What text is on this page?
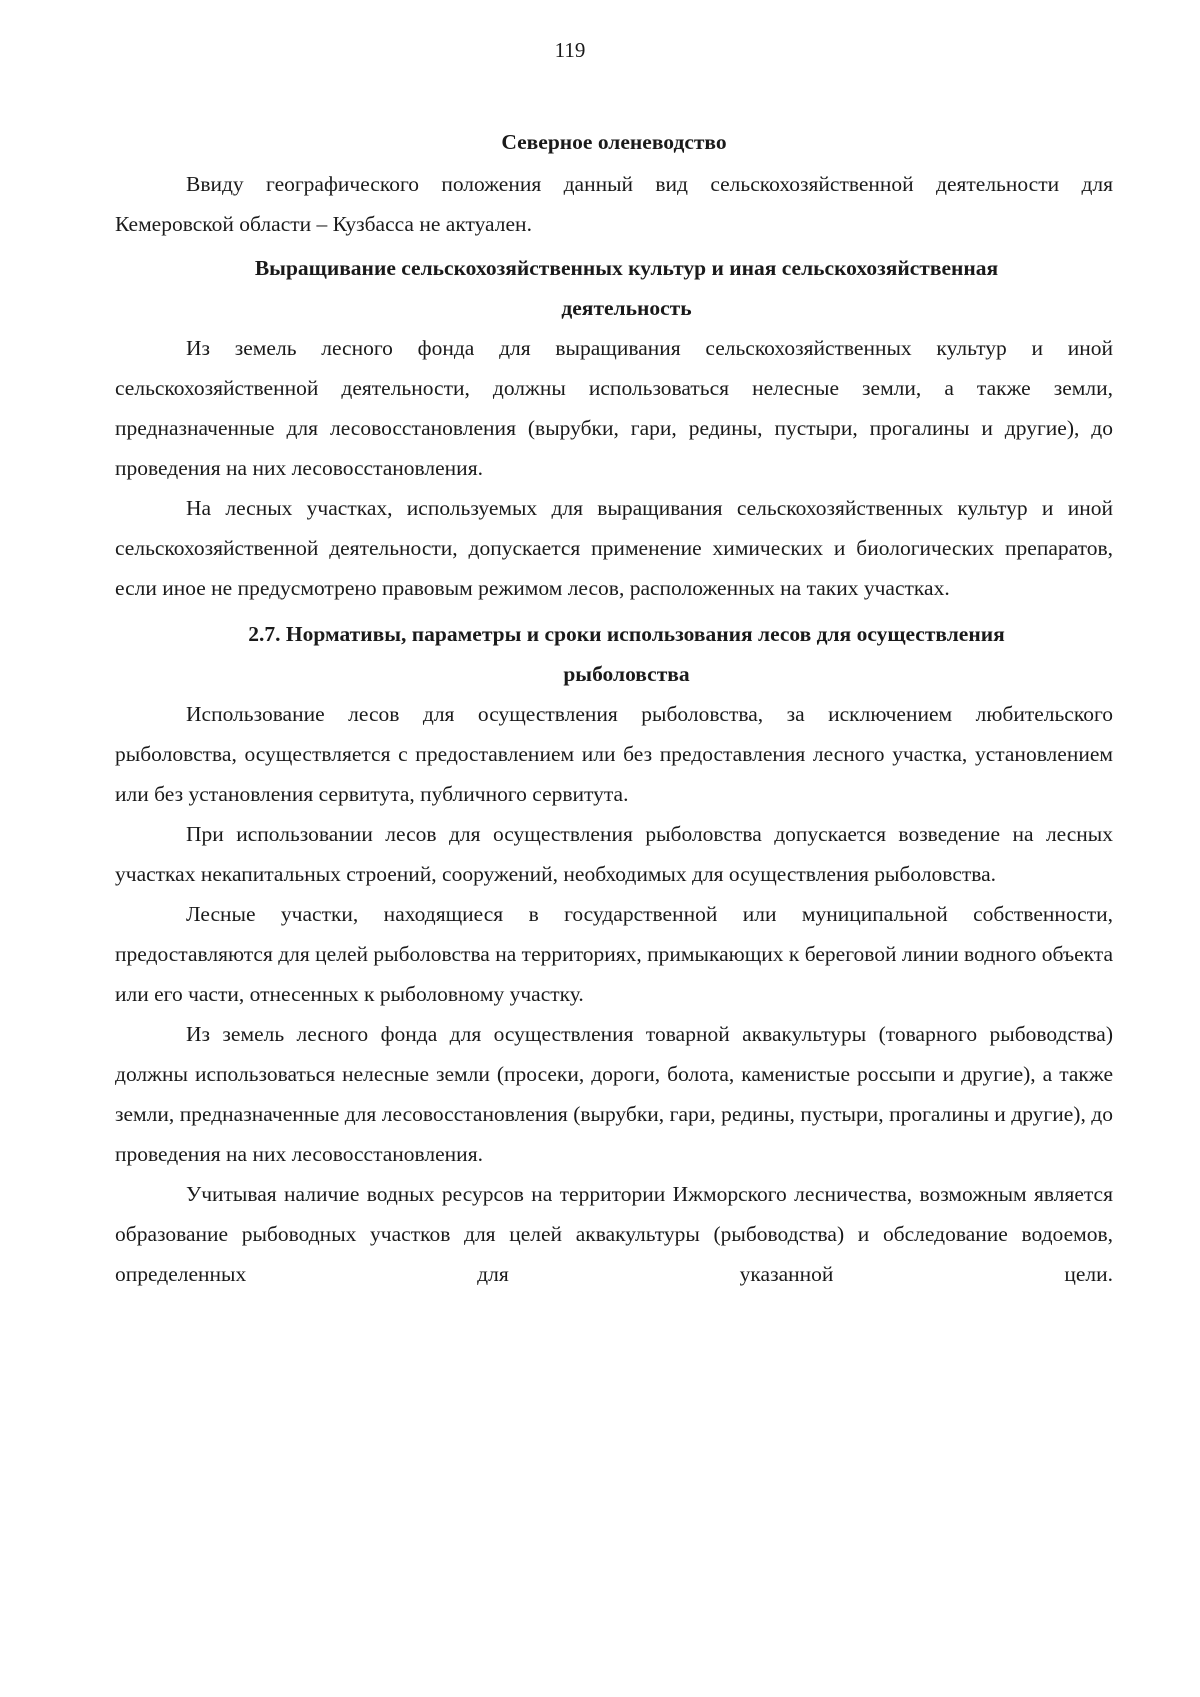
119

Северное оленеводство

Ввиду географического положения данный вид сельскохозяйственной деятельности для Кемеровской области – Кузбасса не актуален.

Выращивание сельскохозяйственных культур и иная сельскохозяйственная
деятельность

Из земель лесного фонда для выращивания сельскохозяйственных культур и иной сельскохозяйственной деятельности, должны использоваться нелесные земли, а также земли, предназначенные для лесовосстановления (вырубки, гари, редины, пустыри, прогалины и другие), до проведения на них лесовосстановления.

На лесных участках, используемых для выращивания сельскохозяйственных культур и иной сельскохозяйственной деятельности, допускается применение химических и биологических препаратов, если иное не предусмотрено правовым режимом лесов, расположенных на таких участках.

2.7. Нормативы, параметры и сроки использования лесов для осуществления
рыболовства

Использование лесов для осуществления рыболовства, за исключением любительского рыболовства, осуществляется с предоставлением или без предоставления лесного участка, установлением или без установления сервитута, публичного сервитута.

При использовании лесов для осуществления рыболовства допускается возведение на лесных участках некапитальных строений, сооружений, необходимых для осуществления рыболовства.

Лесные участки, находящиеся в государственной или муниципальной собственности, предоставляются для целей рыболовства на территориях, примыкающих к береговой линии водного объекта или его части, отнесенных к рыболовному участку.

Из земель лесного фонда для осуществления товарной аквакультуры (товарного рыбоводства) должны использоваться нелесные земли (просеки, дороги, болота, каменистые россыпи и другие), а также земли, предназначенные для лесовосстановления (вырубки, гари, редины, пустыри, прогалины и другие), до проведения на них лесовосстановления.

Учитывая наличие водных ресурсов на территории Ижморского лесничества, возможным является образование рыбоводных участков для целей аквакультуры (рыбоводства) и обследование водоемов, определенных для указанной цели.
